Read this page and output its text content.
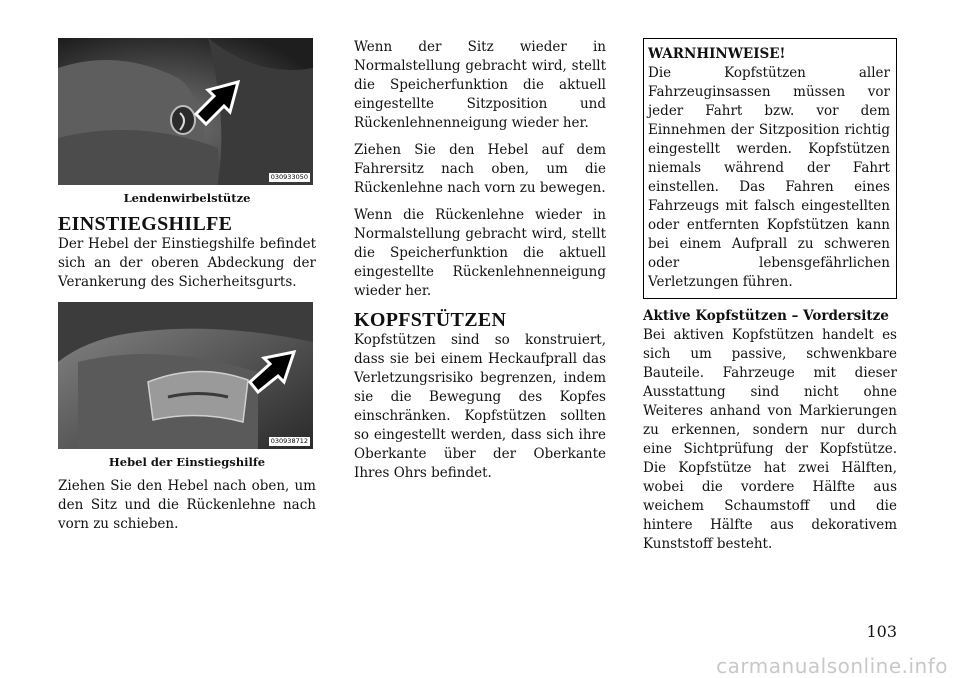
030933050
Lendenwirbelstütze
EINSTIEGSHILFE

Der Hebel der Einstiegshilfe befindet sich an der oberen Abdeckung der Verankerung des Sicherheitsgurts.

030938712
Hebel der Einstiegshilfe

Ziehen Sie den Hebel nach oben, um den Sitz und die Rückenlehne nach vorn zu schieben.

Wenn der Sitz wieder in Normalstellung gebracht wird, stellt die Speicherfunktion die aktuell eingestellte Sitzposition und Rückenlehnenneigung wieder her.

Ziehen Sie den Hebel auf dem Fahrersitz nach oben, um die Rückenlehne nach vorn zu bewegen.

Wenn die Rückenlehne wieder in Normalstellung gebracht wird, stellt die Speicherfunktion die aktuell eingestellte Rückenlehnenneigung wieder her.

KOPFSTÜTZEN

Kopfstützen sind so konstruiert, dass sie bei einem Heckaufprall das Verletzungsrisiko begrenzen, indem sie die Bewegung des Kopfes einschränken. Kopfstützen sollten so eingestellt werden, dass sich ihre Oberkante über der Oberkante Ihres Ohrs befindet.

WARNHINWEISE!

Die Kopfstützen aller Fahrzeuginsassen müssen vor jeder Fahrt bzw. vor dem Einnehmen der Sitzposition richtig eingestellt werden. Kopfstützen niemals während der Fahrt einstellen. Das Fahren eines Fahrzeugs mit falsch eingestellten oder entfernten Kopfstützen kann bei einem Aufprall zu schweren oder lebensgefährlichen Verletzungen führen.

Aktive Kopfstützen – Vordersitze

Bei aktiven Kopfstützen handelt es sich um passive, schwenkbare Bauteile. Fahrzeuge mit dieser Ausstattung sind nicht ohne Weiteres anhand von Markierungen zu erkennen, sondern nur durch eine Sichtprüfung der Kopfstütze. Die Kopfstütze hat zwei Hälften, wobei die vordere Hälfte aus weichem Schaumstoff und die hintere Hälfte aus dekorativem Kunststoff besteht.

103
carmanualsonline.info
